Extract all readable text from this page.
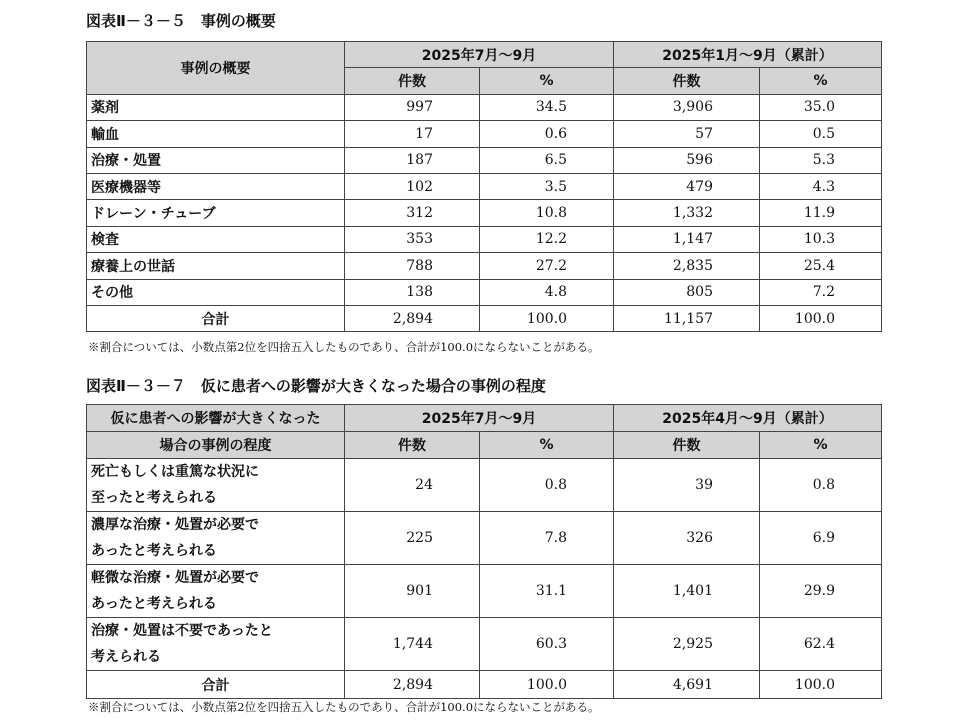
図表Ⅱ－３－５　事例の概要
事例の概要	2025年7月～9月		2025年1月～9月（累計）	
	件数	%	件数	%
薬剤	997	34.5	3,906	35.0
輸血	17	0.6	57	0.5
治療・処置	187	6.5	596	5.3
医療機器等	102	3.5	479	4.3
ドレーン・チューブ	312	10.8	1,332	11.9
検査	353	12.2	1,147	10.3
療養上の世話	788	27.2	2,835	25.4
その他	138	4.8	805	7.2
合計	2,894	100.0	11,157	100.0
※割合については、小数点第2位を四捨五入したものであり、合計が100.0にならないことがある。
図表Ⅱ－３－７　仮に患者への影響が大きくなった場合の事例の程度
仮に患者への影響が大きくなった	2025年7月～9月		2025年4月～9月（累計）	
場合の事例の程度	件数	%	件数	%

死亡もしくは重篤な状況に
至ったと考えられる	24	0.8	39	0.8

濃厚な治療・処置が必要で
あったと考えられる	225	7.8	326	6.9

軽微な治療・処置が必要で
あったと考えられる	901	31.1	1,401	29.9

治療・処置は不要であったと
考えられる	1,744	60.3	2,925	62.4
合計	2,894	100.0	4,691	100.0
※割合については、小数点第2位を四捨五入したものであり、合計が100.0にならないことがある。
